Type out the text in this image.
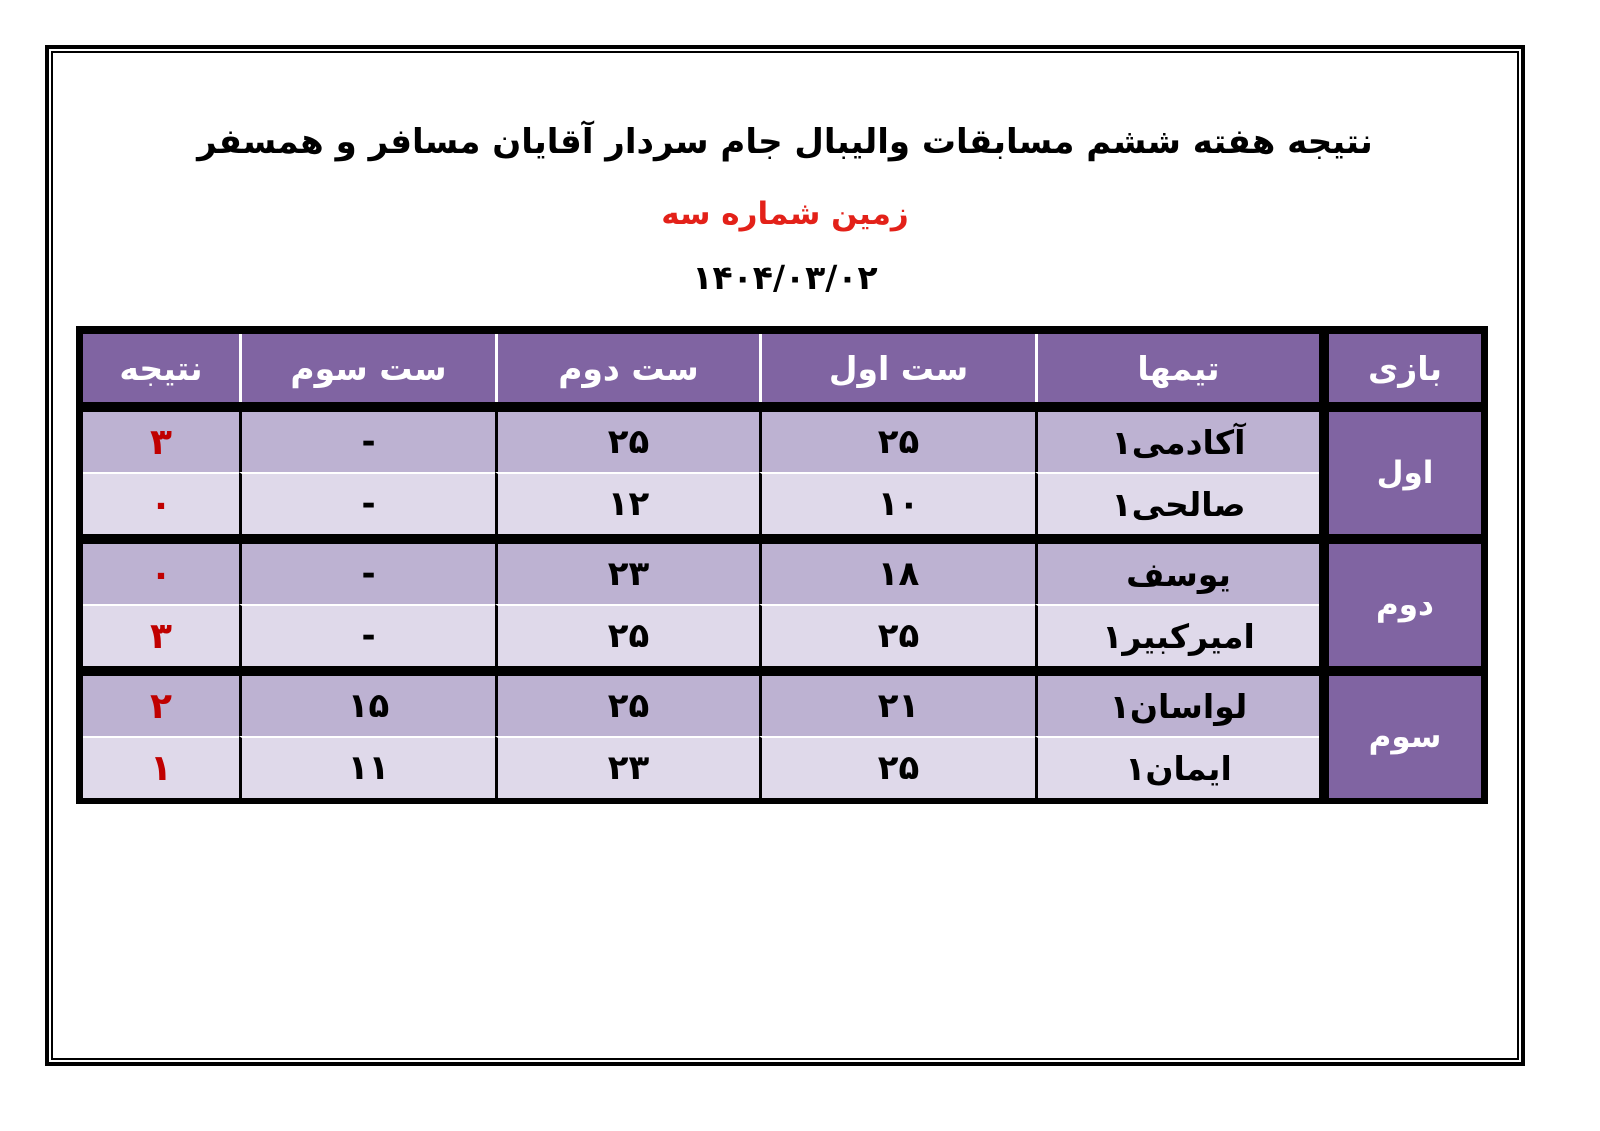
نتیجه هفته ششم مسابقات والیبال جام سردار آقایان مسافر و همسفر
زمین شماره سه
۱۴۰۴/۰۳/۰۲
بازی	تیمها	ست اول	ست دوم	ست سوم	نتیجه

اول	آکادمی۱	۲۵	۲۵	-	۳
	صالحی۱	۱۰	۱۲	-	۰

دوم	یوسف	۱۸	۲۳	-	۰
	امیرکبیر۱	۲۵	۲۵	-	۳

سوم	لواسان۱	۲۱	۲۵	۱۵	۲
	ایمان۱	۲۵	۲۳	۱۱	۱
